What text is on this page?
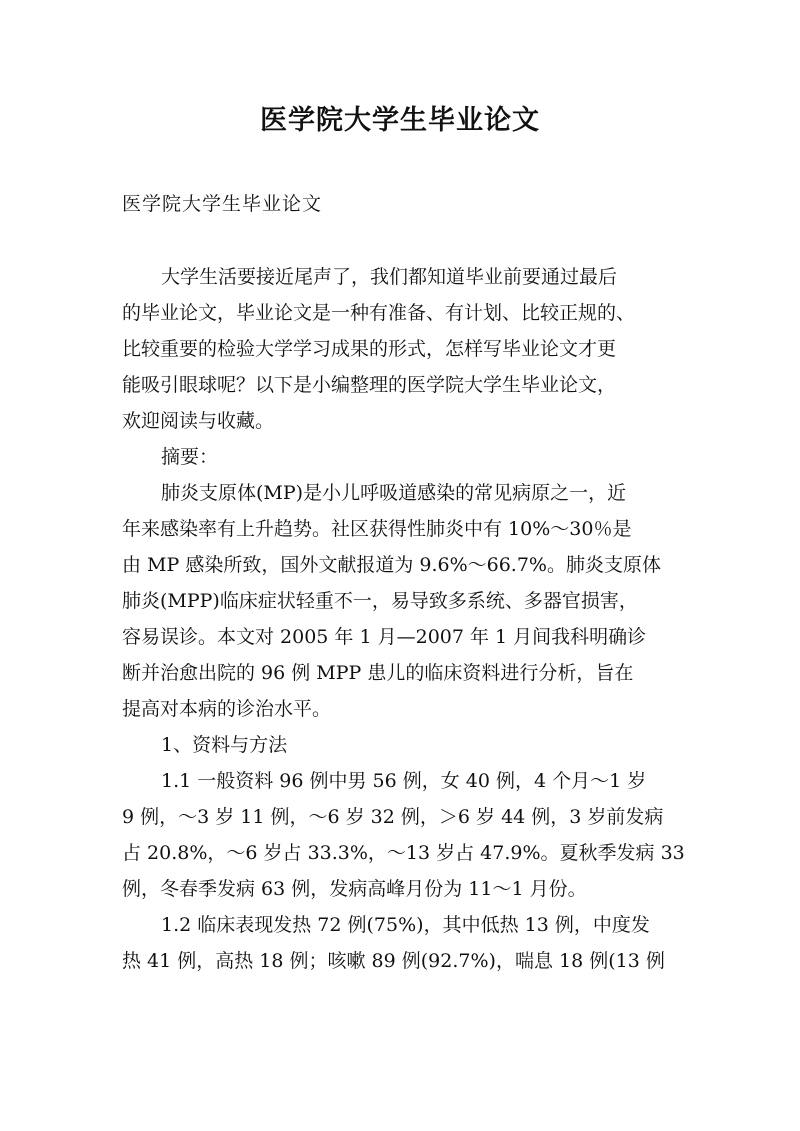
医学院大学生毕业论文
医学院大学生毕业论文
大学生活要接近尾声了，我们都知道毕业前要通过最后
的毕业论文，毕业论文是一种有准备、有计划、比较正规的、
比较重要的检验大学学习成果的形式，怎样写毕业论文才更
能吸引眼球呢？以下是小编整理的医学院大学生毕业论文，
欢迎阅读与收藏。
摘要：
肺炎支原体(MP)是小儿呼吸道感染的常见病原之一，近
年来感染率有上升趋势。社区获得性肺炎中有 10%～30％是
由 MP 感染所致，国外文献报道为 9.6%～66.7%。肺炎支原体
肺炎(MPP)临床症状轻重不一，易导致多系统、多器官损害，
容易误诊。本文对 2005 年 1 月—2007 年 1 月间我科明确诊
断并治愈出院的 96 例 MPP 患儿的临床资料进行分析，旨在
提高对本病的诊治水平。
1、资料与方法
1.1 一般资料 96 例中男 56 例，女 40 例，4 个月～1 岁
9 例，～3 岁 11 例，～6 岁 32 例，＞6 岁 44 例，3 岁前发病
占 20.8%，～6 岁占 33.3%，～13 岁占 47.9%。夏秋季发病 33
例，冬春季发病 63 例，发病高峰月份为 11～1 月份。
1.2 临床表现发热 72 例(75%)，其中低热 13 例，中度发
热 41 例，高热 18 例；咳嗽 89 例(92.7%)，喘息 18 例(13 例
